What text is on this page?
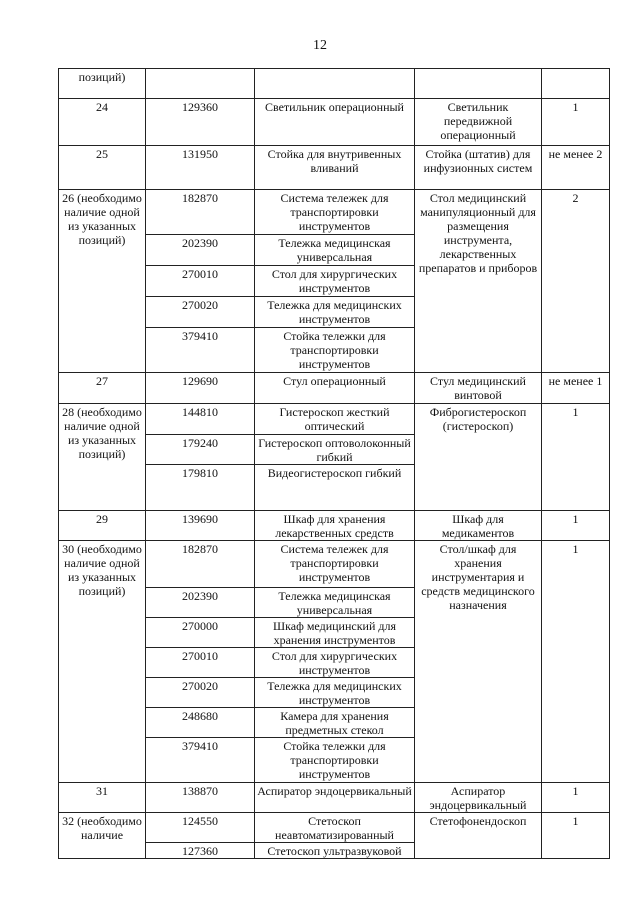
12
позиций)				
24	129360	Светильник операционный	Светильник передвижной операционный	1
25	131950	Стойка для внутривенных вливаний	Стойка (штатив) для инфузионных систем	не менее 2
26 (необходимо наличие одной из указанных позиций)	182870	Система тележек для транспортировки инструментов	Стол медицинский манипуляционный для размещения инструмента, лекарственных препаратов и приборов	2
	202390	Тележка медицинская универсальная		
	270010	Стол для хирургических инструментов		
	270020	Тележка для медицинских инструментов		
	379410	Стойка тележки для транспортировки инструментов		
27	129690	Стул операционный	Стул медицинский винтовой	не менее 1
28 (необходимо наличие одной из указанных позиций)	144810	Гистероскоп жесткий оптический	Фиброгистероскоп (гистероскоп)	1
	179240	Гистероскоп оптоволоконный гибкий		
	179810	Видеогистероскоп гибкий		
29	139690	Шкаф для хранения лекарственных средств	Шкаф для медикаментов	1
30 (необходимо наличие одной из указанных позиций)	182870	Система тележек для транспортировки инструментов	Стол/шкаф для хранения инструментария и средств медицинского назначения	1
	202390	Тележка медицинская универсальная		
	270000	Шкаф медицинский для хранения инструментов		
	270010	Стол для хирургических инструментов		
	270020	Тележка для медицинских инструментов		
	248680	Камера для хранения предметных стекол		
	379410	Стойка тележки для транспортировки инструментов		
31	138870	Аспиратор эндоцервикальный	Аспиратор эндоцервикальный	1
32 (необходимо наличие	124550	Стетоскоп неавтоматизированный	Стетофонендоскоп	1
	127360	Стетоскоп ультразвуковой		
